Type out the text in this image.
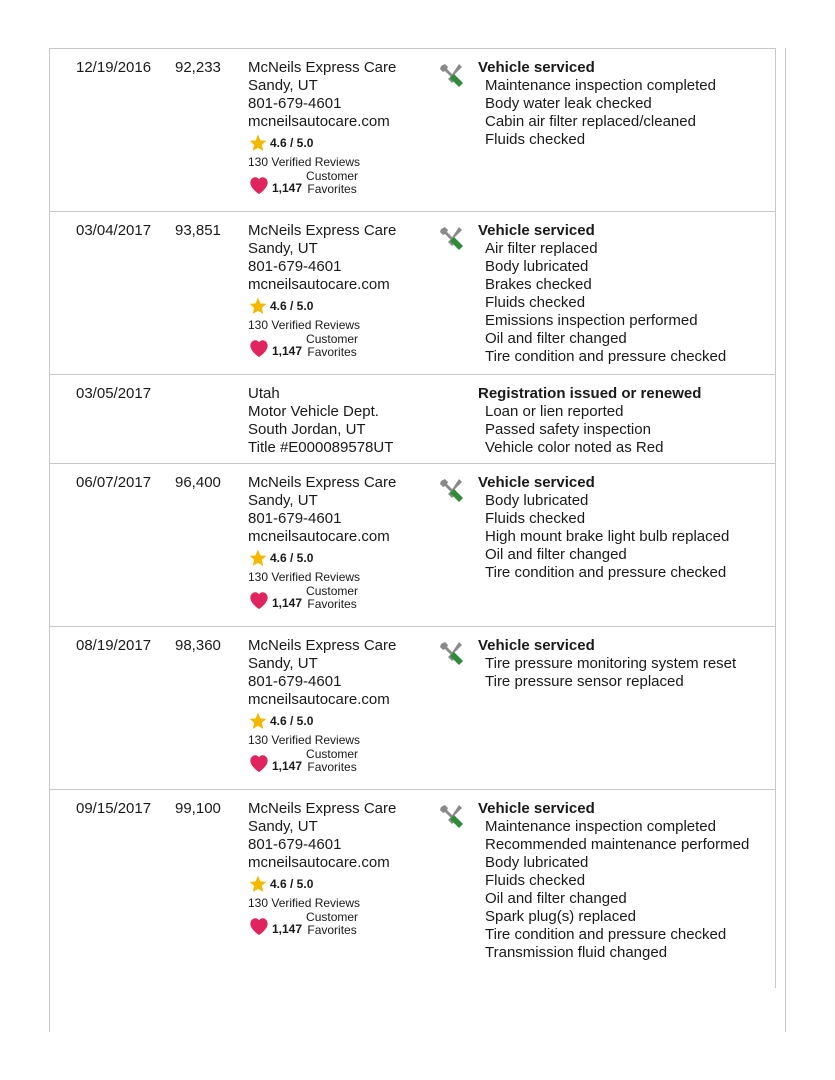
12/19/2016 92,233 McNeils Express Care
Sandy, UT
801-679-4601
mcneilsautocare.com
4.6 / 5.0
130 Verified Reviews
1,147
Customer
Favorites
Vehicle serviced
Maintenance inspection completed
Body water leak checked
Cabin air filter replaced/cleaned
Fluids checked
03/04/2017 93,851 McNeils Express Care
Sandy, UT
801-679-4601
mcneilsautocare.com
4.6 / 5.0
130 Verified Reviews
1,147
Customer
Favorites
Vehicle serviced
Air filter replaced
Body lubricated
Brakes checked
Fluids checked
Emissions inspection performed
Oil and filter changed
Tire condition and pressure checked
03/05/2017	Utah
Motor Vehicle Dept.
South Jordan, UT
Title #E000089578UT
Registration issued or renewed
Loan or lien reported
Passed safety inspection
Vehicle color noted as Red
06/07/2017 96,400 McNeils Express Care
Sandy, UT
801-679-4601
mcneilsautocare.com
4.6 / 5.0
130 Verified Reviews
1,147
Customer
Favorites
Vehicle serviced
Body lubricated
Fluids checked
High mount brake light bulb replaced
Oil and filter changed
Tire condition and pressure checked
08/19/2017 98,360 McNeils Express Care
Sandy, UT
801-679-4601
mcneilsautocare.com
4.6 / 5.0
130 Verified Reviews
1,147
Customer
Favorites
Vehicle serviced
Tire pressure monitoring system reset
Tire pressure sensor replaced
09/15/2017 99,100 McNeils Express Care
Sandy, UT
801-679-4601
mcneilsautocare.com
4.6 / 5.0
130 Verified Reviews
1,147
Customer
Favorites
Vehicle serviced
Maintenance inspection completed
Recommended maintenance performed
Body lubricated
Fluids checked
Oil and filter changed
Spark plug(s) replaced
Tire condition and pressure checked
Transmission fluid changed
